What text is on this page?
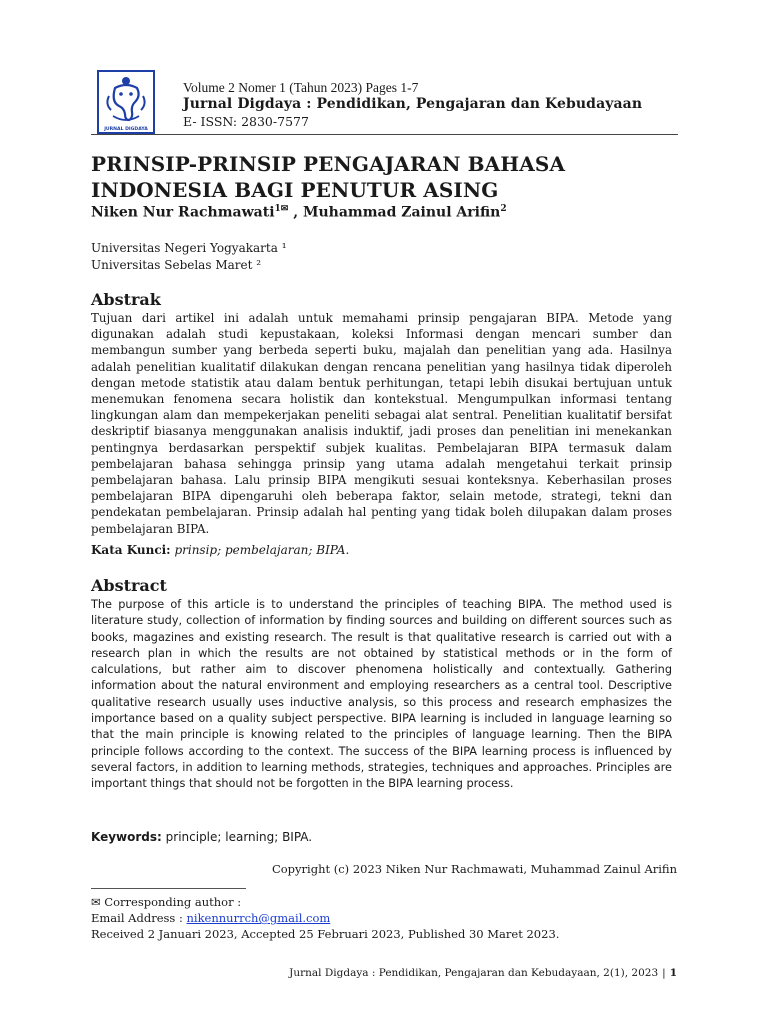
JURNAL DIGDAYA
Volume 2 Nomer 1 (Tahun 2023) Pages 1-7
Jurnal Digdaya : Pendidikan, Pengajaran dan Kebudayaan
E- ISSN: 2830-7577
PRINSIP-PRINSIP PENGAJARAN BAHASA
INDONESIA BAGI PENUTUR ASING
Niken Nur Rachmawati$^{1✉}$ , Muhammad Zainul Arifin$^2$
Universitas Negeri Yogyakarta ¹
Universitas Sebelas Maret ²
Abstrak

Tujuan dari artikel ini adalah untuk memahami prinsip pengajaran BIPA. Metode yang digunakan adalah studi kepustakaan, koleksi Informasi dengan mencari sumber dan membangun sumber yang berbeda seperti buku, majalah dan penelitian yang ada. Hasilnya adalah penelitian kualitatif dilakukan dengan rencana penelitian yang hasilnya tidak diperoleh dengan metode statistik atau dalam bentuk perhitungan, tetapi lebih disukai bertujuan untuk menemukan fenomena secara holistik dan kontekstual. Mengumpulkan informasi tentang lingkungan alam dan mempekerjakan peneliti sebagai alat sentral. Penelitian kualitatif bersifat deskriptif biasanya menggunakan analisis induktif, jadi proses dan penelitian ini menekankan pentingnya berdasarkan perspektif subjek kualitas. Pembelajaran BIPA termasuk dalam pembelajaran bahasa sehingga prinsip yang utama adalah mengetahui terkait prinsip pembelajaran bahasa. Lalu prinsip BIPA mengikuti sesuai konteksnya. Keberhasilan proses pembelajaran BIPA dipengaruhi oleh beberapa faktor, selain metode, strategi, tekni dan pendekatan pembelajaran. Prinsip adalah hal penting yang tidak boleh dilupakan dalam proses pembelajaran BIPA.

Kata Kunci: prinsip; pembelajaran; BIPA.
Abstract

The purpose of this article is to understand the principles of teaching BIPA. The method used is literature study, collection of information by finding sources and building on different sources such as books, magazines and existing research. The result is that qualitative research is carried out with a research plan in which the results are not obtained by statistical methods or in the form of calculations, but rather aim to discover phenomena holistically and contextually. Gathering information about the natural environment and employing researchers as a central tool. Descriptive qualitative research usually uses inductive analysis, so this process and research emphasizes the importance based on a quality subject perspective. BIPA learning is included in language learning so that the main principle is knowing related to the principles of language learning. Then the BIPA principle follows according to the context. The success of the BIPA learning process is influenced by several factors, in addition to learning methods, strategies, techniques and approaches. Principles are important things that should not be forgotten in the BIPA learning process.

Keywords: principle; learning; BIPA.
Copyright (c) 2023 Niken Nur Rachmawati, Muhammad Zainul Arifin
✉ Corresponding author :
Email Address : nikennurrch@gmail.com
Received 2 Januari 2023, Accepted 25 Februari 2023, Published 30 Maret 2023.
Jurnal Digdaya : Pendidikan, Pengajaran dan Kebudayaan, 2(1), 2023 | 1
